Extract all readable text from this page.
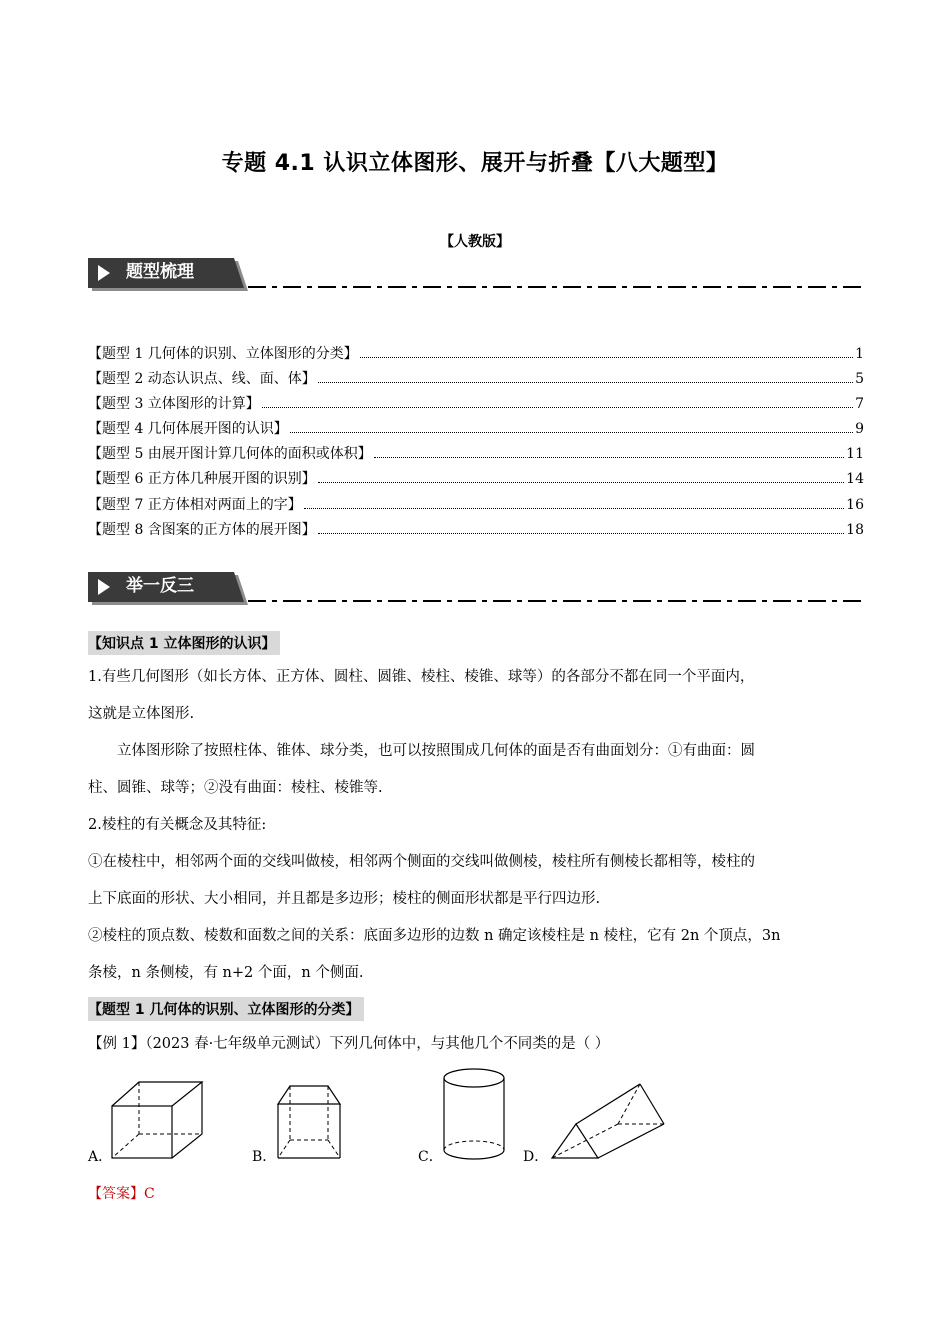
专题 4.1 认识立体图形、展开与折叠【八大题型】
【人教版】
题型梳理
【题型 1 几何体的识别、立体图形的分类】	1
【题型 2 动态认识点、线、面、体】	5
【题型 3 立体图形的计算】	7
【题型 4 几何体展开图的认识】	9
【题型 5 由展开图计算几何体的面积或体积】	11
【题型 6 正方体几种展开图的识别】	14
【题型 7 正方体相对两面上的字】	16
【题型 8 含图案的正方体的展开图】	18
举一反三
【知识点 1 立体图形的认识】
1.有些几何图形（如长方体、正方体、圆柱、圆锥、棱柱、棱锥、球等）的各部分不都在同一个平面内，
这就是立体图形.
立体图形除了按照柱体、锥体、球分类，也可以按照围成几何体的面是否有曲面划分：①有曲面：圆
柱、圆锥、球等；②没有曲面：棱柱、棱锥等.
2.棱柱的有关概念及其特征:
①在棱柱中，相邻两个面的交线叫做棱，相邻两个侧面的交线叫做侧棱，棱柱所有侧棱长都相等，棱柱的
上下底面的形状、大小相同，并且都是多边形；棱柱的侧面形状都是平行四边形.
②棱柱的顶点数、棱数和面数之间的关系：底面多边形的边数 n 确定该棱柱是 n 棱柱，它有 2n 个顶点，3n
条棱，n 条侧棱，有 n+2 个面，n 个侧面.
【题型 1 几何体的识别、立体图形的分类】
【例 1】（2023 春·七年级单元测试）下列几何体中，与其他几个不同类的是（ ）
A．	B．	C．	D．
【答案】C
